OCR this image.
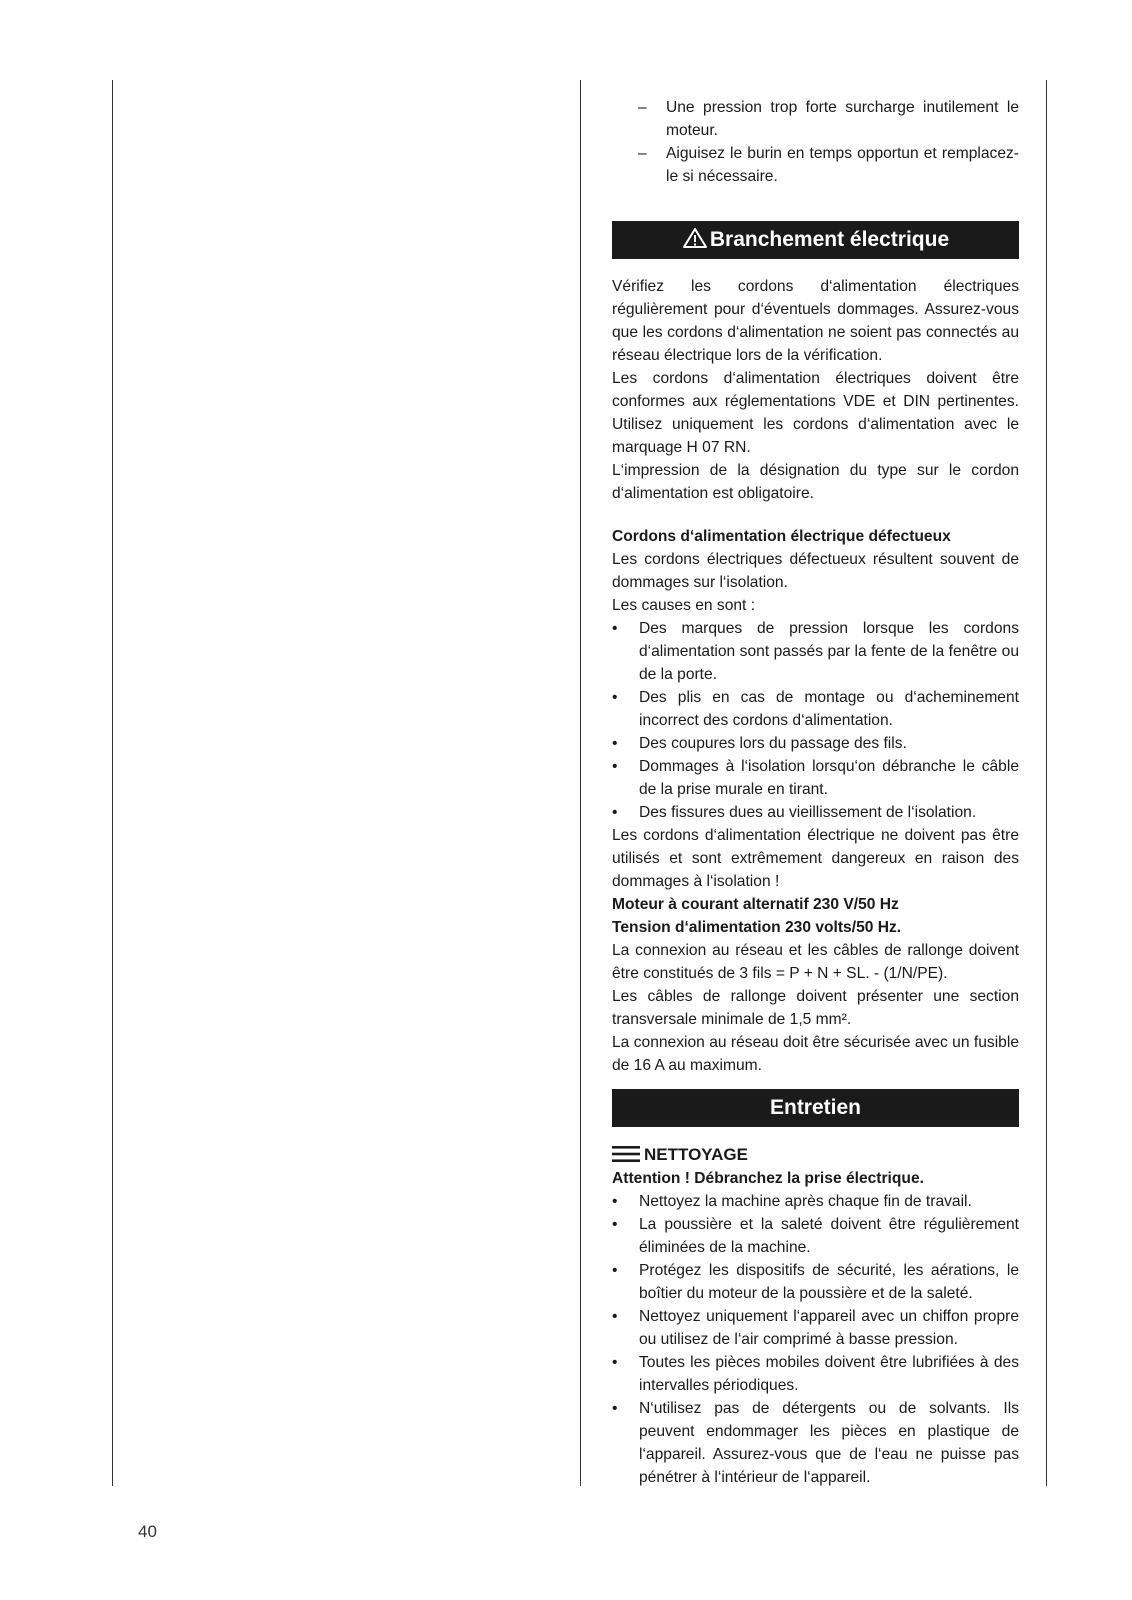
– Une pression trop forte surcharge inutilement le moteur.
– Aiguisez le burin en temps opportun et remplacez-le si nécessaire.
Branchement électrique

Vérifiez les cordons d‘alimentation électriques régulièrement pour d‘éventuels dommages. Assurez-vous que les cordons d‘alimentation ne soient pas connectés au réseau électrique lors de la vérification.

Les cordons d‘alimentation électriques doivent être conformes aux réglementations VDE et DIN pertinentes. Utilisez uniquement les cordons d‘alimentation avec le marquage H 07 RN.

L‘impression de la désignation du type sur le cordon d‘alimentation est obligatoire.

Cordons d‘alimentation électrique défectueux

Les cordons électriques défectueux résultent souvent de dommages sur l‘isolation.

Les causes en sont :

• Des marques de pression lorsque les cordons d‘alimentation sont passés par la fente de la fenêtre ou de la porte.
• Des plis en cas de montage ou d‘acheminement incorrect des cordons d‘alimentation.
• Des coupures lors du passage des fils.
• Dommages à l‘isolation lorsqu‘on débranche le câble de la prise murale en tirant.
• Des fissures dues au vieillissement de l‘isolation.

Les cordons d‘alimentation électrique ne doivent pas être utilisés et sont extrêmement dangereux en raison des dommages à l‘isolation !

Moteur à courant alternatif 230 V/50 Hz

Tension d‘alimentation 230 volts/50 Hz.

La connexion au réseau et les câbles de rallonge doivent être constitués de 3 fils = P + N + SL. - (1/N/PE).

Les câbles de rallonge doivent présenter une section transversale minimale de 1,5 mm².

La connexion au réseau doit être sécurisée avec un fusible de 16 A au maximum.

Entretien
NETTOYAGE

Attention ! Débranchez la prise électrique.

• Nettoyez la machine après chaque fin de travail.
• La poussière et la saleté doivent être régulièrement éliminées de la machine.
• Protégez les dispositifs de sécurité, les aérations, le boîtier du moteur de la poussière et de la saleté.
• Nettoyez uniquement l‘appareil avec un chiffon propre ou utilisez de l‘air comprimé à basse pression.
• Toutes les pièces mobiles doivent être lubrifiées à des intervalles périodiques.
• N‘utilisez pas de détergents ou de solvants. Ils peuvent endommager les pièces en plastique de l‘appareil. Assurez-vous que de l‘eau ne puisse pas pénétrer à l‘intérieur de l‘appareil.
40
